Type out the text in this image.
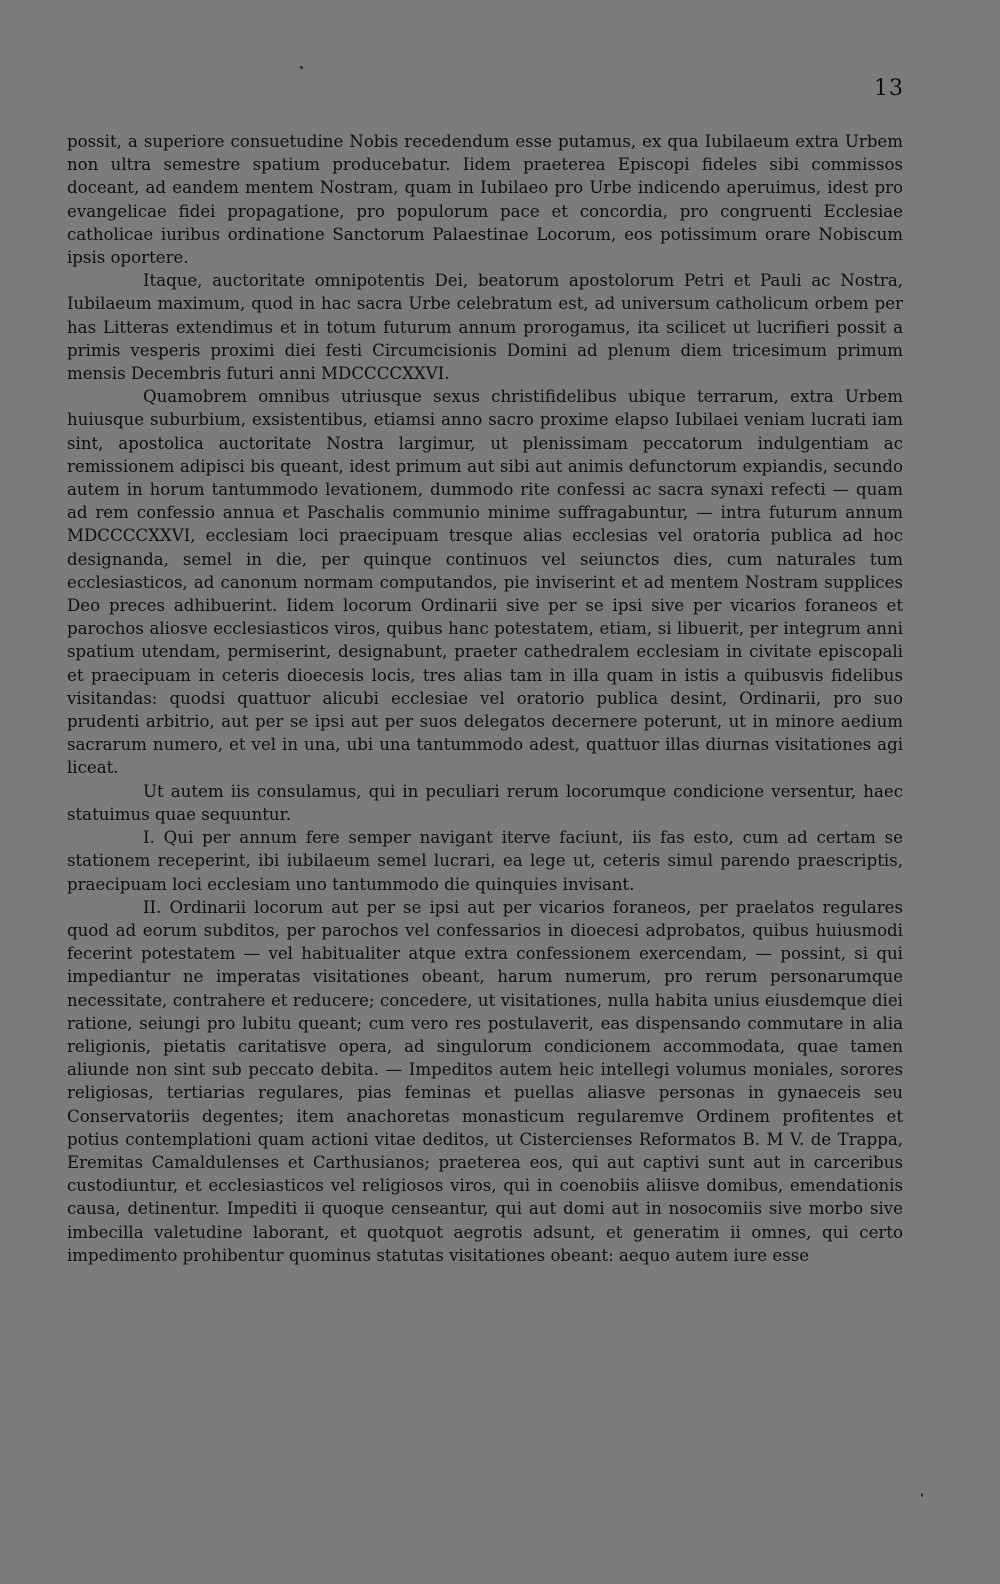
13

possit, a superiore consuetudine Nobis recedendum esse putamus, ex qua Iubilaeum extra Urbem non ultra semestre spatium producebatur. Iidem praeterea Episcopi fideles sibi commissos doceant, ad eandem mentem Nostram, quam in Iubilaeo pro Urbe indicendo aperuimus, idest pro evangelicae fidei propagatione, pro populorum pace et concordia, pro congruenti Ecclesiae catholicae iuribus ordinatione Sanctorum Palaestinae Locorum, eos potissimum orare Nobiscum ipsis oportere.

Itaque, auctoritate omnipotentis Dei, beatorum apostolorum Petri et Pauli ac Nostra, Iubilaeum maximum, quod in hac sacra Urbe celebratum est, ad universum catholicum orbem per has Litteras extendimus et in totum futurum annum prorogamus, ita scilicet ut lucrifieri possit a primis vesperis proximi diei festi Circumcisionis Domini ad plenum diem tricesimum primum mensis Decembris futuri anni MDCCCCXXVI.

Quamobrem omnibus utriusque sexus christifidelibus ubique terrarum, extra Urbem huiusque suburbium, exsistentibus, etiamsi anno sacro proxime elapso Iubilaei veniam lucrati iam sint, apostolica auctoritate Nostra largimur, ut plenissimam peccatorum indulgentiam ac remissionem adipisci bis queant, idest primum aut sibi aut animis defunctorum expiandis, secundo autem in horum tantummodo levationem, dummodo rite confessi ac sacra synaxi refecti — quam ad rem confessio annua et Paschalis communio minime suffragabuntur, — intra futurum annum MDCCCCXXVI, ecclesiam loci praecipuam tresque alias ecclesias vel oratoria publica ad hoc designanda, semel in die, per quinque continuos vel seiunctos dies, cum naturales tum ecclesiasticos, ad canonum normam computandos, pie inviserint et ad mentem Nostram supplices Deo preces adhibuerint. Iidem locorum Ordinarii sive per se ipsi sive per vicarios foraneos et parochos aliosve ecclesiasticos viros, quibus hanc potestatem, etiam, si libuerit, per integrum anni spatium utendam, permiserint, designabunt, praeter cathedralem ecclesiam in civitate episcopali et praecipuam in ceteris dioecesis locis, tres alias tam in illa quam in istis a quibusvis fidelibus visitandas: quodsi quattuor alicubi ecclesiae vel oratorio publica desint, Ordinarii, pro suo prudenti arbitrio, aut per se ipsi aut per suos delegatos decernere poterunt, ut in minore aedium sacrarum numero, et vel in una, ubi una tantummodo adest, quattuor illas diurnas visitationes agi liceat.

Ut autem iis consulamus, qui in peculiari rerum locorumque condicione versentur, haec statuimus quae sequuntur.

I. Qui per annum fere semper navigant iterve faciunt, iis fas esto, cum ad certam se stationem receperint, ibi iubilaeum semel lucrari, ea lege ut, ceteris simul parendo praescriptis, praecipuam loci ecclesiam uno tantummodo die quinquies invisant.

II. Ordinarii locorum aut per se ipsi aut per vicarios foraneos, per praelatos regulares quod ad eorum subditos, per parochos vel confessarios in dioecesi adprobatos, quibus huiusmodi fecerint potestatem — vel habitualiter atque extra confessionem exercendam, — possint, si qui impediantur ne imperatas visitationes obeant, harum numerum, pro rerum personarumque necessitate, contrahere et reducere; concedere, ut visitationes, nulla habita unius eiusdemque diei ratione, seiungi pro lubitu queant; cum vero res postulaverit, eas dispensando commutare in alia religionis, pietatis caritatisve opera, ad singulorum condicionem accommodata, quae tamen aliunde non sint sub peccato debita. — Impeditos autem heic intellegi volumus moniales, sorores religiosas, tertiarias regulares, pias feminas et puellas aliasve personas in gynaeceis seu Conservatoriis degentes; item anachoretas monasticum regularemve Ordinem profitentes et potius contemplationi quam actioni vitae deditos, ut Cistercienses Reformatos B. M V. de Trappa, Eremitas Camaldulenses et Carthusianos; praeterea eos, qui aut captivi sunt aut in carceribus custodiuntur, et ecclesiasticos vel religiosos viros, qui in coenobiis aliisve domibus, emendationis causa, detinentur. Impediti ii quoque censeantur, qui aut domi aut in nosocomiis sive morbo sive imbecilla valetudine laborant, et quotquot aegrotis adsunt, et generatim ii omnes, qui certo impedimento prohibentur quominus statutas visitationes obeant: aequo autem iure esse
